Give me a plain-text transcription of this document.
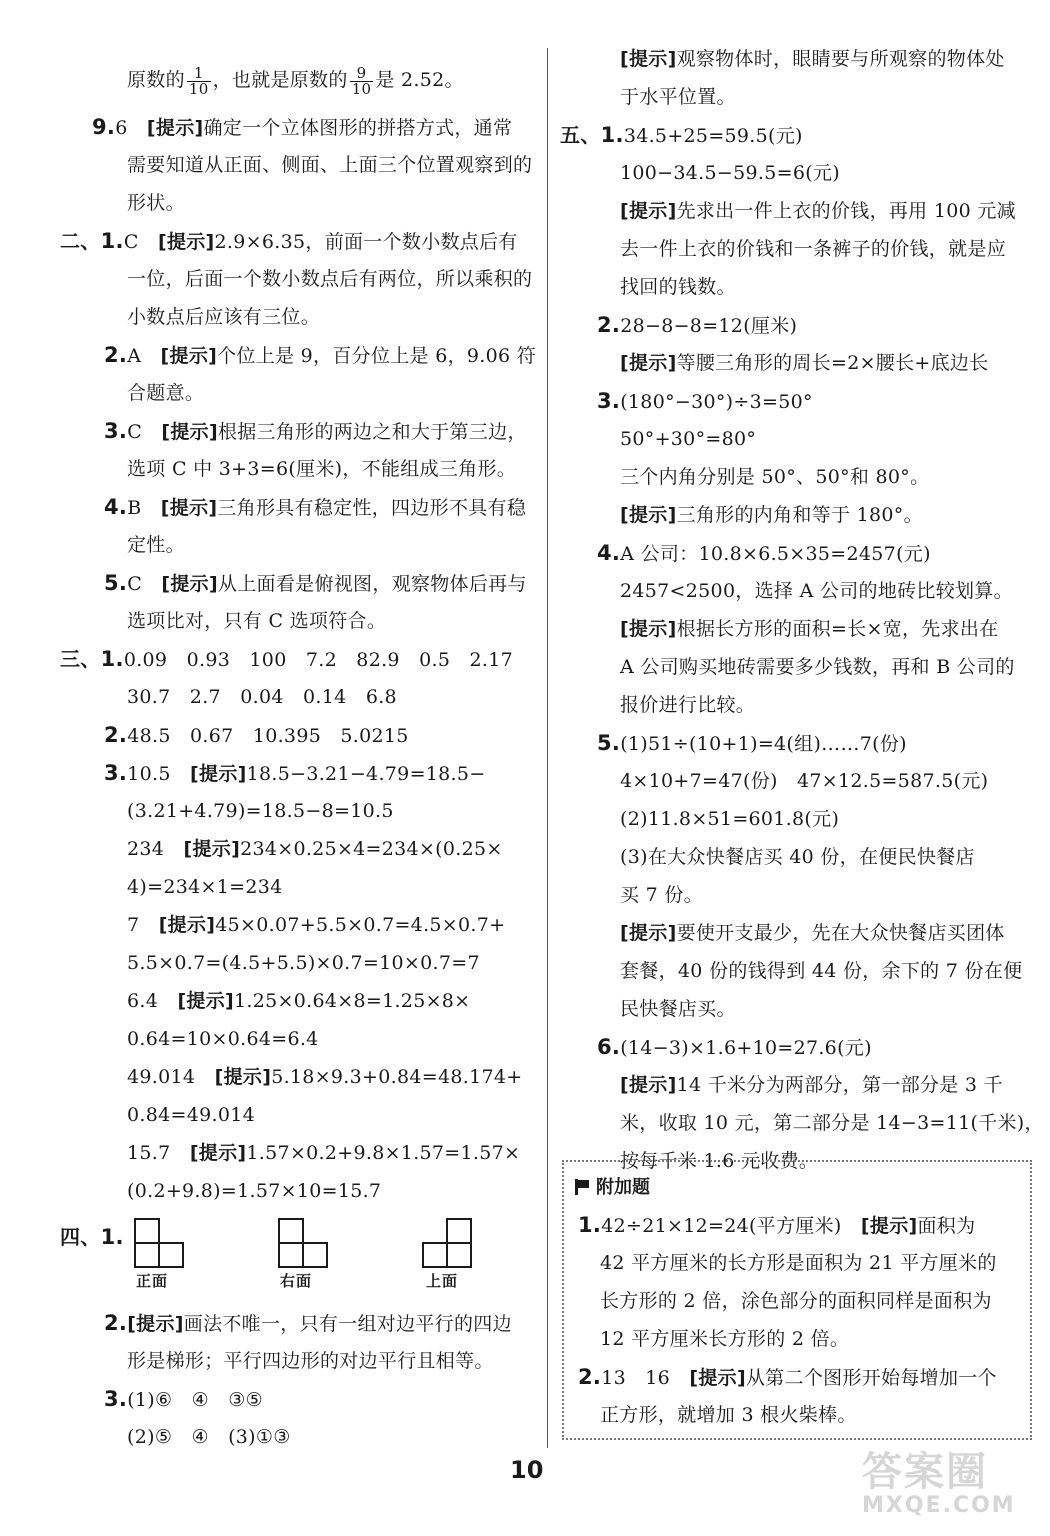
原数的 $\frac{1}{10}$ ，也就是原数的 $\frac{9}{10}$ 是 2.52。
9.6　 [提示]确定一个立体图形的拼搭方式，通常
需要知道从正面、侧面、上面三个位置观察到的
形状。
二、1.C　 [提示]2.9×6.35，前面一个数小数点后有
一位，后面一个数小数点后有两位，所以乘积的
小数点后应该有三位。
2.A　 [提示]个位上是 9，百分位上是 6，9.06 符
合题意。
3.C　 [提示]根据三角形的两边之和大于第三边，
选项 C 中 3+3=6(厘米)，不能组成三角形。
4.B　 [提示]三角形具有稳定性，四边形不具有稳
定性。
5.C　 [提示]从上面看是俯视图，观察物体后再与
选项比对，只有 C 选项符合。
三、1.0.09　0.93　100　7.2　82.9　0.5　2.17
30.7　2.7　0.04　0.14　6.8
2.48.5　0.67　10.395　5.0215
3.10.5　 [提示]18.5−3.21−4.79=18.5−
(3.21+4.79)=18.5−8=10.5
234　 [提示]234×0.25×4=234×(0.25×
4)=234×1=234
7　 [提示]45×0.07+5.5×0.7=4.5×0.7+
5.5×0.7=(4.5+5.5)×0.7=10×0.7=7
6.4　 [提示]1.25×0.64×8=1.25×8×
0.64=10×0.64=6.4
49.014　 [提示]5.18×9.3+0.84=48.174+
0.84=49.014
15.7　 [提示]1.57×0.2+9.8×1.57=1.57×
(0.2+9.8)=1.57×10=15.7
四、1.
正面	右面	上面
2.[提示]画法不唯一，只有一组对边平行的四边
形是梯形；平行四边形的对边平行且相等。
3.(1)⑥　④　③⑤
(2)⑤　④　(3)①③
[提示]观察物体时，眼睛要与所观察的物体处
于水平位置。
五、1.34.5+25=59.5(元)
100−34.5−59.5=6(元)
[提示]先求出一件上衣的价钱，再用 100 元减
去一件上衣的价钱和一条裤子的价钱，就是应
找回的钱数。
2.28−8−8=12(厘米)
[提示]等腰三角形的周长=2×腰长+底边长
3.(180°−30°)÷3=50°
50°+30°=80°
三个内角分别是 50°、50°和 80°。
[提示]三角形的内角和等于 180°。
4.A 公司：10.8×6.5×35=2457(元)
2457<2500，选择 A 公司的地砖比较划算。
[提示]根据长方形的面积=长×宽，先求出在
A 公司购买地砖需要多少钱数，再和 B 公司的
报价进行比较。
5.(1)51÷(10+1)=4(组)……7(份)
4×10+7=47(份)　47×12.5=587.5(元)
(2)11.8×51=601.8(元)
(3)在大众快餐店买 40 份，在便民快餐店
买 7 份。
[提示]要使开支最少，先在大众快餐店买团体
套餐，40 份的钱得到 44 份，余下的 7 份在便
民快餐店买。
6.(14−3)×1.6+10=27.6(元)
[提示]14 千米分为两部分，第一部分是 3 千
米，收取 10 元，第二部分是 14−3=11(千米)，
按每千米 1.6 元收费。
附加题
1.42÷21×12=24(平方厘米)　 [提示]面积为
42 平方厘米的长方形是面积为 21 平方厘米的
长方形的 2 倍，涂色部分的面积同样是面积为
12 平方厘米长方形的 2 倍。
2.13　16　 [提示]从第二个图形开始每增加一个
正方形，就增加 3 根火柴棒。
10	答案圈
MXQE.COM
